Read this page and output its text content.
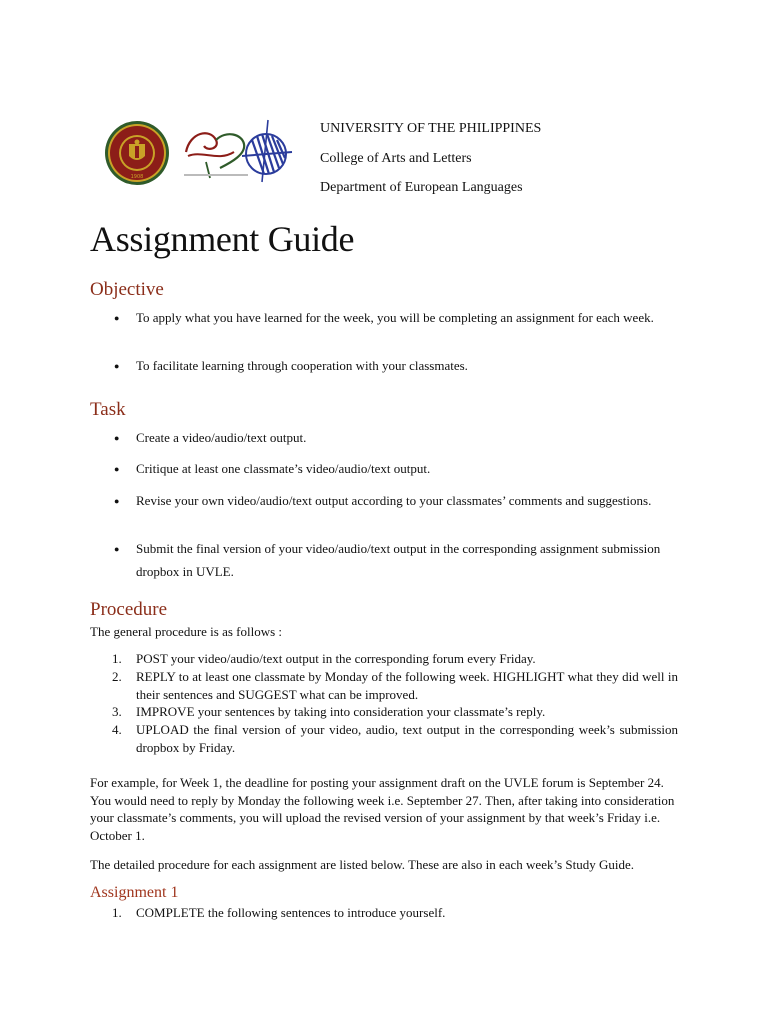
1908
UNIVERSITY OF THE PHILIPPINES
College of Arts and Letters
Department of European Languages
Assignment Guide
Objective
● To apply what you have learned for the week, you will be completing an assignment for each week.
● To facilitate learning through cooperation with your classmates.
Task
● Create a video/audio/text output.
● Critique at least one classmate’s video/audio/text output.
● Revise your own video/audio/text output according to your classmates’ comments and suggestions.
● Submit the final version of your video/audio/text output in the corresponding assignment submission dropbox in UVLE.
Procedure

The general procedure is as follows :

1. POST your video/audio/text output in the corresponding forum every Friday.
2. REPLY to at least one classmate by Monday of the following week. HIGHLIGHT what they did well in their sentences and SUGGEST what can be improved.
3. IMPROVE your sentences by taking into consideration your classmate’s reply.
4. UPLOAD the final version of your video, audio, text output in the corresponding week’s submission dropbox by Friday.

For example, for Week 1, the deadline for posting your assignment draft on the UVLE forum is September 24. You would need to reply by Monday the following week i.e. September 27. Then, after taking into consideration your classmate’s comments, you will upload the revised version of your assignment by that week’s Friday i.e. October 1.

The detailed procedure for each assignment are listed below. These are also in each week’s Study Guide.

Assignment 1
1. COMPLETE the following sentences to introduce yourself.
